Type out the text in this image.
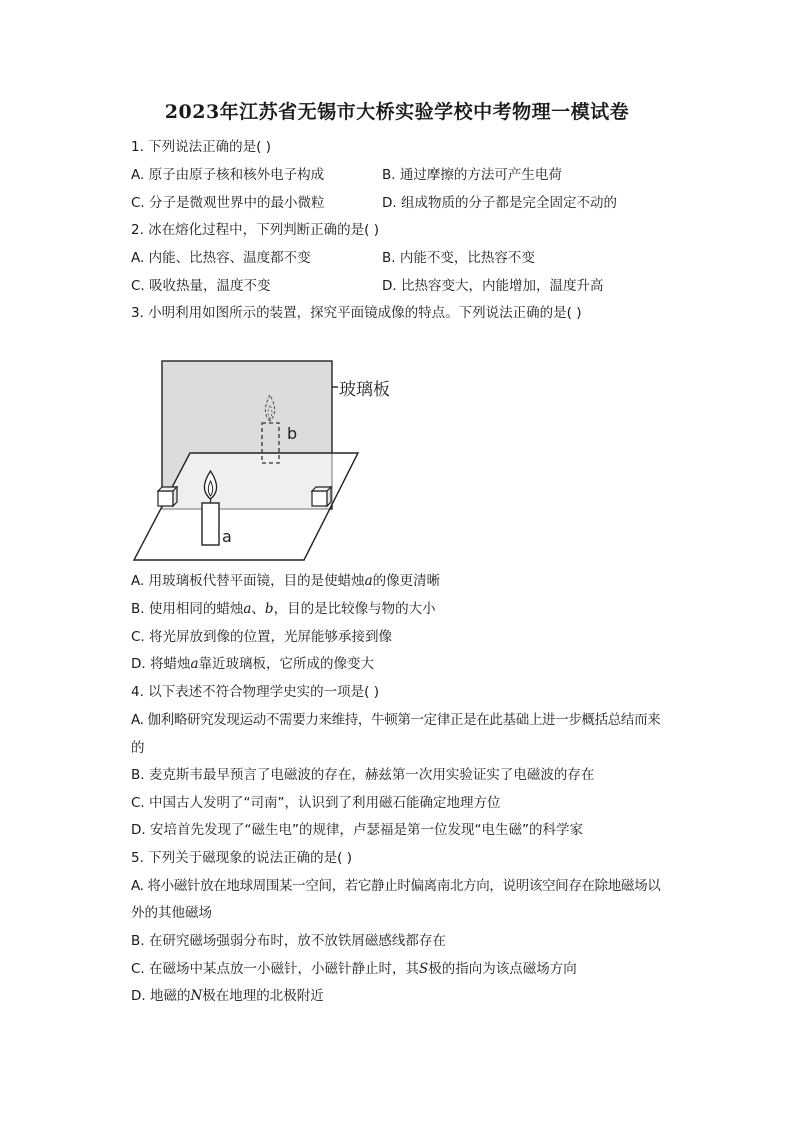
2023年江苏省无锡市大桥实验学校中考物理一模试卷
1. 下列说法正确的是( )
A. 原子由原子核和核外电子构成	B. 通过摩擦的方法可产生电荷
C. 分子是微观世界中的最小微粒	D. 组成物质的分子都是完全固定不动的
2. 冰在熔化过程中，下列判断正确的是( )
A. 内能、比热容、温度都不变	B. 内能不变，比热容不变
C. 吸收热量，温度不变	D. 比热容变大，内能增加，温度升高
3. 小明利用如图所示的装置，探究平面镜成像的特点。下列说法正确的是( )
玻璃板
b
a
A. 用玻璃板代替平面镜，目的是使蜡烛a的像更清晰
B. 使用相同的蜡烛a、b，目的是比较像与物的大小
C. 将光屏放到像的位置，光屏能够承接到像
D. 将蜡烛a靠近玻璃板，它所成的像变大
4. 以下表述不符合物理学史实的一项是( )
A. 伽利略研究发现运动不需要力来维持，牛顿第一定律正是在此基础上进一步概括总结而来
的
B. 麦克斯韦最早预言了电磁波的存在，赫兹第一次用实验证实了电磁波的存在
C. 中国古人发明了“司南”，认识到了利用磁石能确定地理方位
D. 安培首先发现了“磁生电”的规律，卢瑟福是第一位发现“电生磁”的科学家
5. 下列关于磁现象的说法正确的是( )
A. 将小磁针放在地球周围某一空间，若它静止时偏离南北方向，说明该空间存在除地磁场以
外的其他磁场
B. 在研究磁场强弱分布时，放不放铁屑磁感线都存在
C. 在磁场中某点放一小磁针，小磁针静止时，其S极的指向为该点磁场方向
D. 地磁的N极在地理的北极附近
